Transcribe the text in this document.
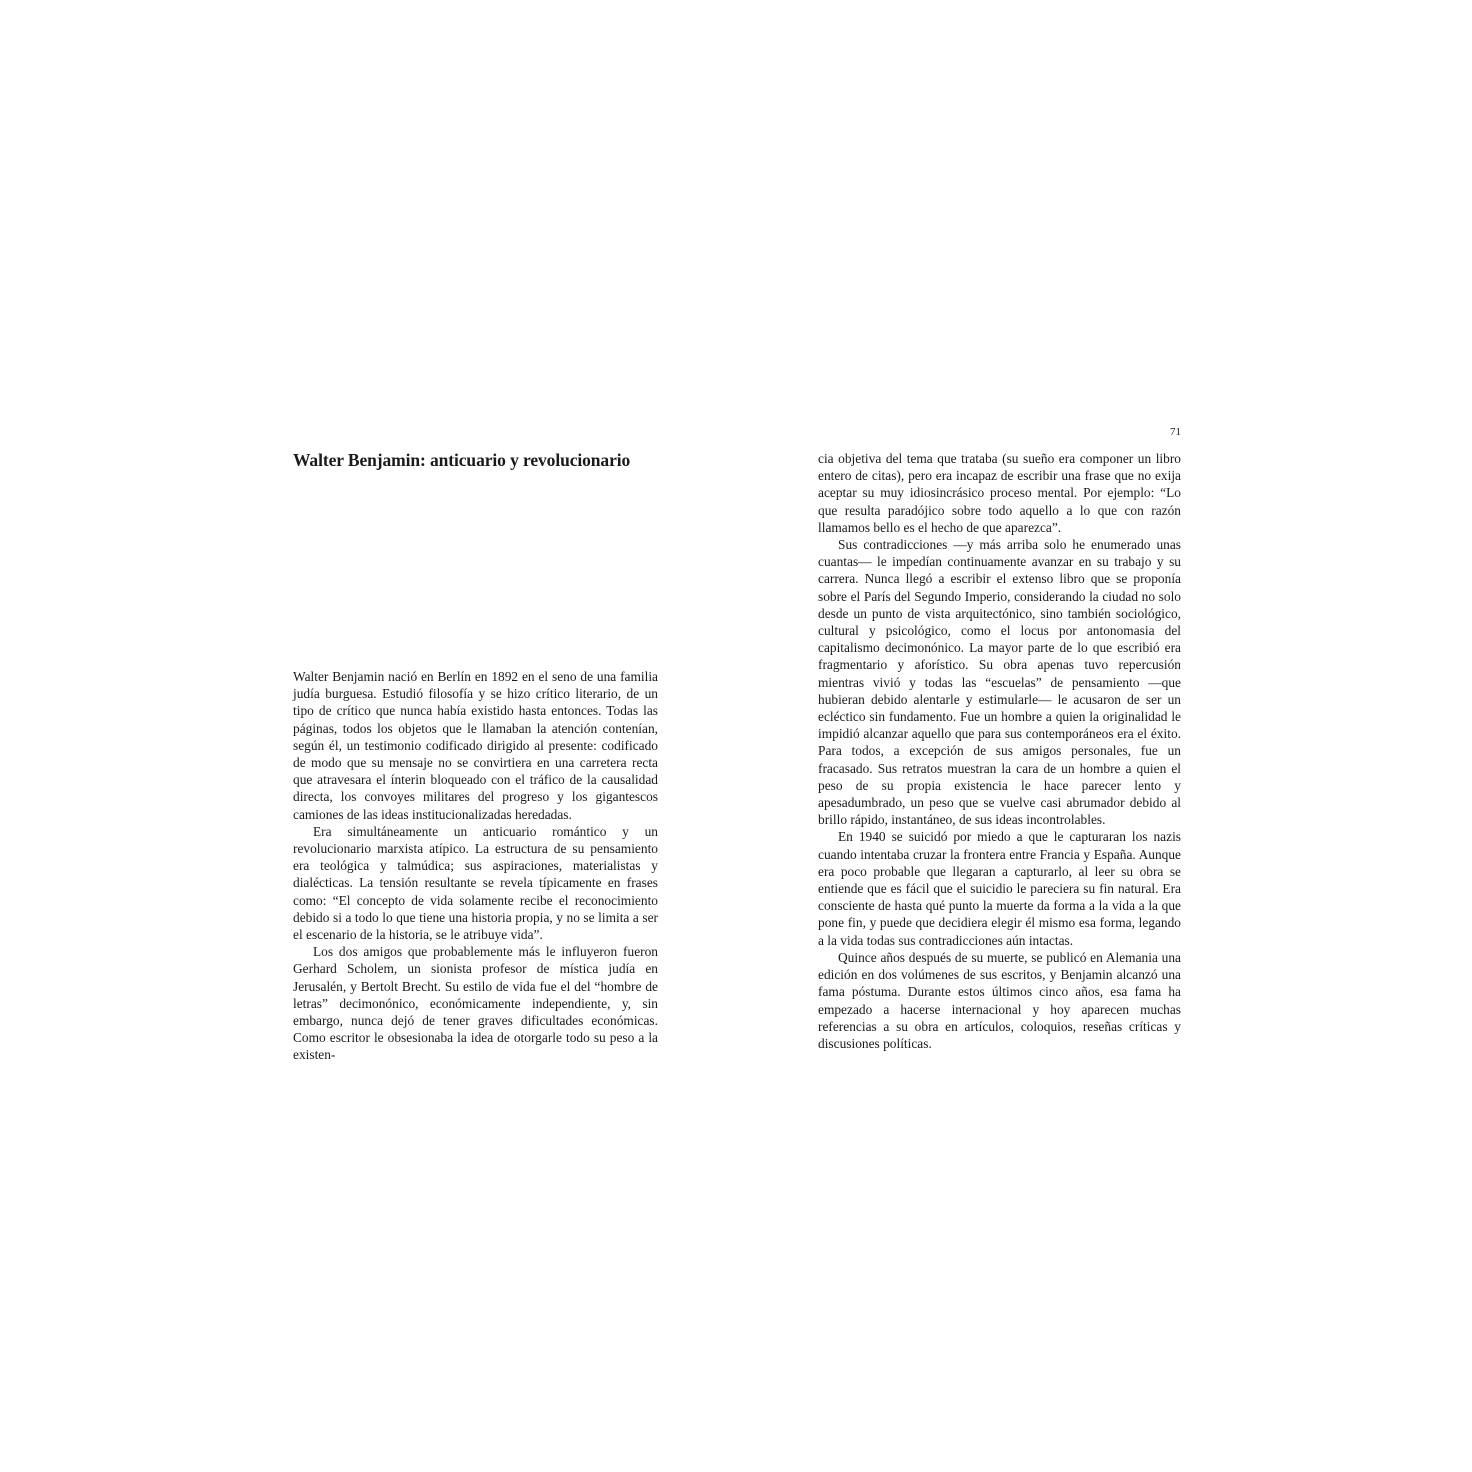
Walter Benjamin: anticuario y revolucionario

Walter Benjamin nació en Berlín en 1892 en el seno de una familia judía burguesa. Estudió filosofía y se hizo crítico literario, de un tipo de crítico que nunca había existido hasta entonces. Todas las páginas, todos los objetos que le llamaban la atención contenían, según él, un testimonio codificado dirigido al presente: codificado de modo que su mensaje no se convirtiera en una carretera recta que atravesara el ínterin bloqueado con el tráfico de la causalidad directa, los convoyes militares del progreso y los gigantescos camiones de las ideas institucionalizadas heredadas.

Era simultáneamente un anticuario romántico y un revolucionario marxista atípico. La estructura de su pensamiento era teológica y talmúdica; sus aspiraciones, materialistas y dialécticas. La tensión resultante se revela típicamente en frases como: “El concepto de vida solamente recibe el reconocimiento debido si a todo lo que tiene una historia propia, y no se limita a ser el escenario de la historia, se le atribuye vida”.

Los dos amigos que probablemente más le influyeron fueron Gerhard Scholem, un sionista profesor de mística judía en Jerusalén, y Bertolt Brecht. Su estilo de vida fue el del “hombre de letras” decimonónico, económicamente independiente, y, sin embargo, nunca dejó de tener graves dificultades económicas. Como escritor le obsesionaba la idea de otorgarle todo su peso a la existen-

71

cia objetiva del tema que trataba (su sueño era componer un libro entero de citas), pero era incapaz de escribir una frase que no exija aceptar su muy idiosincrásico proceso mental. Por ejemplo: “Lo que resulta paradójico sobre todo aquello a lo que con razón llamamos bello es el hecho de que aparezca”.

Sus contradicciones —y más arriba solo he enumerado unas cuantas— le impedían continuamente avanzar en su trabajo y su carrera. Nunca llegó a escribir el extenso libro que se proponía sobre el París del Segundo Imperio, considerando la ciudad no solo desde un punto de vista arquitectónico, sino también sociológico, cultural y psicológico, como el locus por antonomasia del capitalismo decimonónico. La mayor parte de lo que escribió era fragmentario y aforístico. Su obra apenas tuvo repercusión mientras vivió y todas las “escuelas” de pensamiento —que hubieran debido alentarle y estimularle— le acusaron de ser un ecléctico sin fundamento. Fue un hombre a quien la originalidad le impidió alcanzar aquello que para sus contemporáneos era el éxito. Para todos, a excepción de sus amigos personales, fue un fracasado. Sus retratos muestran la cara de un hombre a quien el peso de su propia existencia le hace parecer lento y apesadumbrado, un peso que se vuelve casi abrumador debido al brillo rápido, instantáneo, de sus ideas incontrolables.

En 1940 se suicidó por miedo a que le capturaran los nazis cuando intentaba cruzar la frontera entre Francia y España. Aunque era poco probable que llegaran a capturarlo, al leer su obra se entiende que es fácil que el suicidio le pareciera su fin natural. Era consciente de hasta qué punto la muerte da forma a la vida a la que pone fin, y puede que decidiera elegir él mismo esa forma, legando a la vida todas sus contradicciones aún intactas.

Quince años después de su muerte, se publicó en Alemania una edición en dos volúmenes de sus escritos, y Benjamin alcanzó una fama póstuma. Durante estos últimos cinco años, esa fama ha empezado a hacerse internacional y hoy aparecen muchas referencias a su obra en artículos, coloquios, reseñas críticas y discusiones políticas.
